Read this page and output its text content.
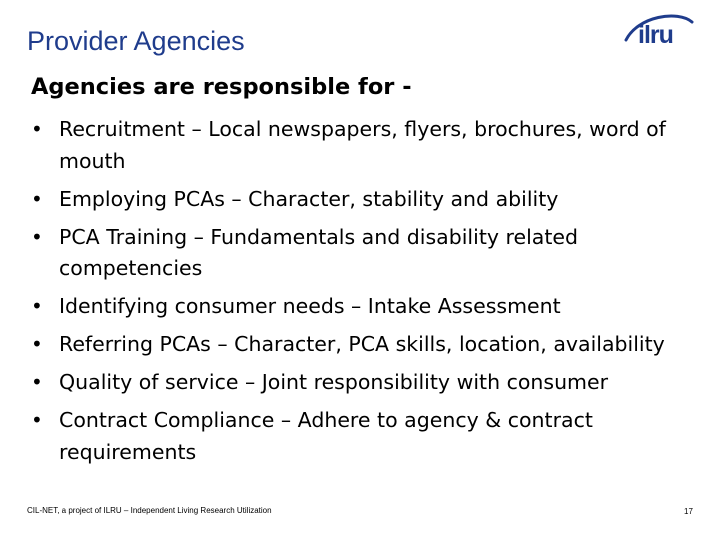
Provider Agencies	ilru
Agencies are responsible for -
• Recruitment – Local newspapers, flyers, brochures, word of mouth
• Employing PCAs – Character, stability and ability
• PCA Training – Fundamentals and disability related competencies
• Identifying consumer needs – Intake Assessment
• Referring PCAs – Character, PCA skills, location, availability
• Quality of service – Joint responsibility with consumer
• Contract Compliance – Adhere to agency & contract requirements
CIL-NET, a project of ILRU – Independent Living Research Utilization	17
